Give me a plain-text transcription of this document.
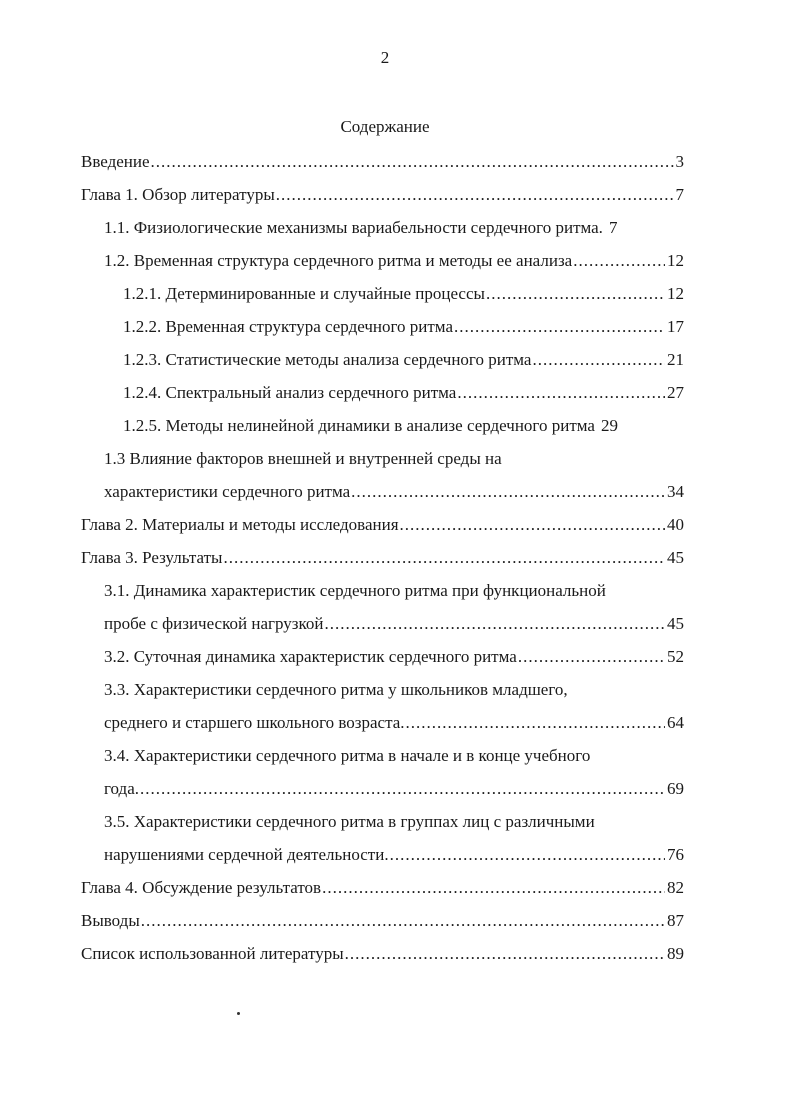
2
Содержание
Введение .....	3
Глава 1. Обзор литературы .....	7
1.1. Физиологические механизмы вариабельности сердечного ритма. 7
1.2. Временная структура сердечного ритма и методы ее анализа .....	12
1.2.1. Детерминированные и случайные процессы .....	12
1.2.2. Временная структура сердечного ритма .....	17
1.2.3. Статистические методы анализа сердечного ритма .....	21
1.2.4. Спектральный анализ сердечного ритма .....	27
1.2.5. Методы нелинейной динамики в анализе сердечного ритма 29
1.3 Влияние факторов внешней и внутренней среды на
характеристики сердечного ритма .....	34
Глава 2. Материалы и методы исследования .....	40
Глава 3. Результаты .....	45
3.1. Динамика характеристик сердечного ритма при функциональной
пробе с физической нагрузкой .....	45
3.2. Суточная динамика характеристик сердечного ритма .....	52
3.3. Характеристики сердечного ритма у школьников младшего,
среднего и старшего школьного возраста. .....	64
3.4. Характеристики сердечного ритма в начале и в конце учебного
года. .....	69
3.5. Характеристики сердечного ритма в группах лиц с различными
нарушениями сердечной деятельности. .....	76
Глава 4. Обсуждение результатов .....	82
Выводы .....	87
Список использованной литературы .....	89
